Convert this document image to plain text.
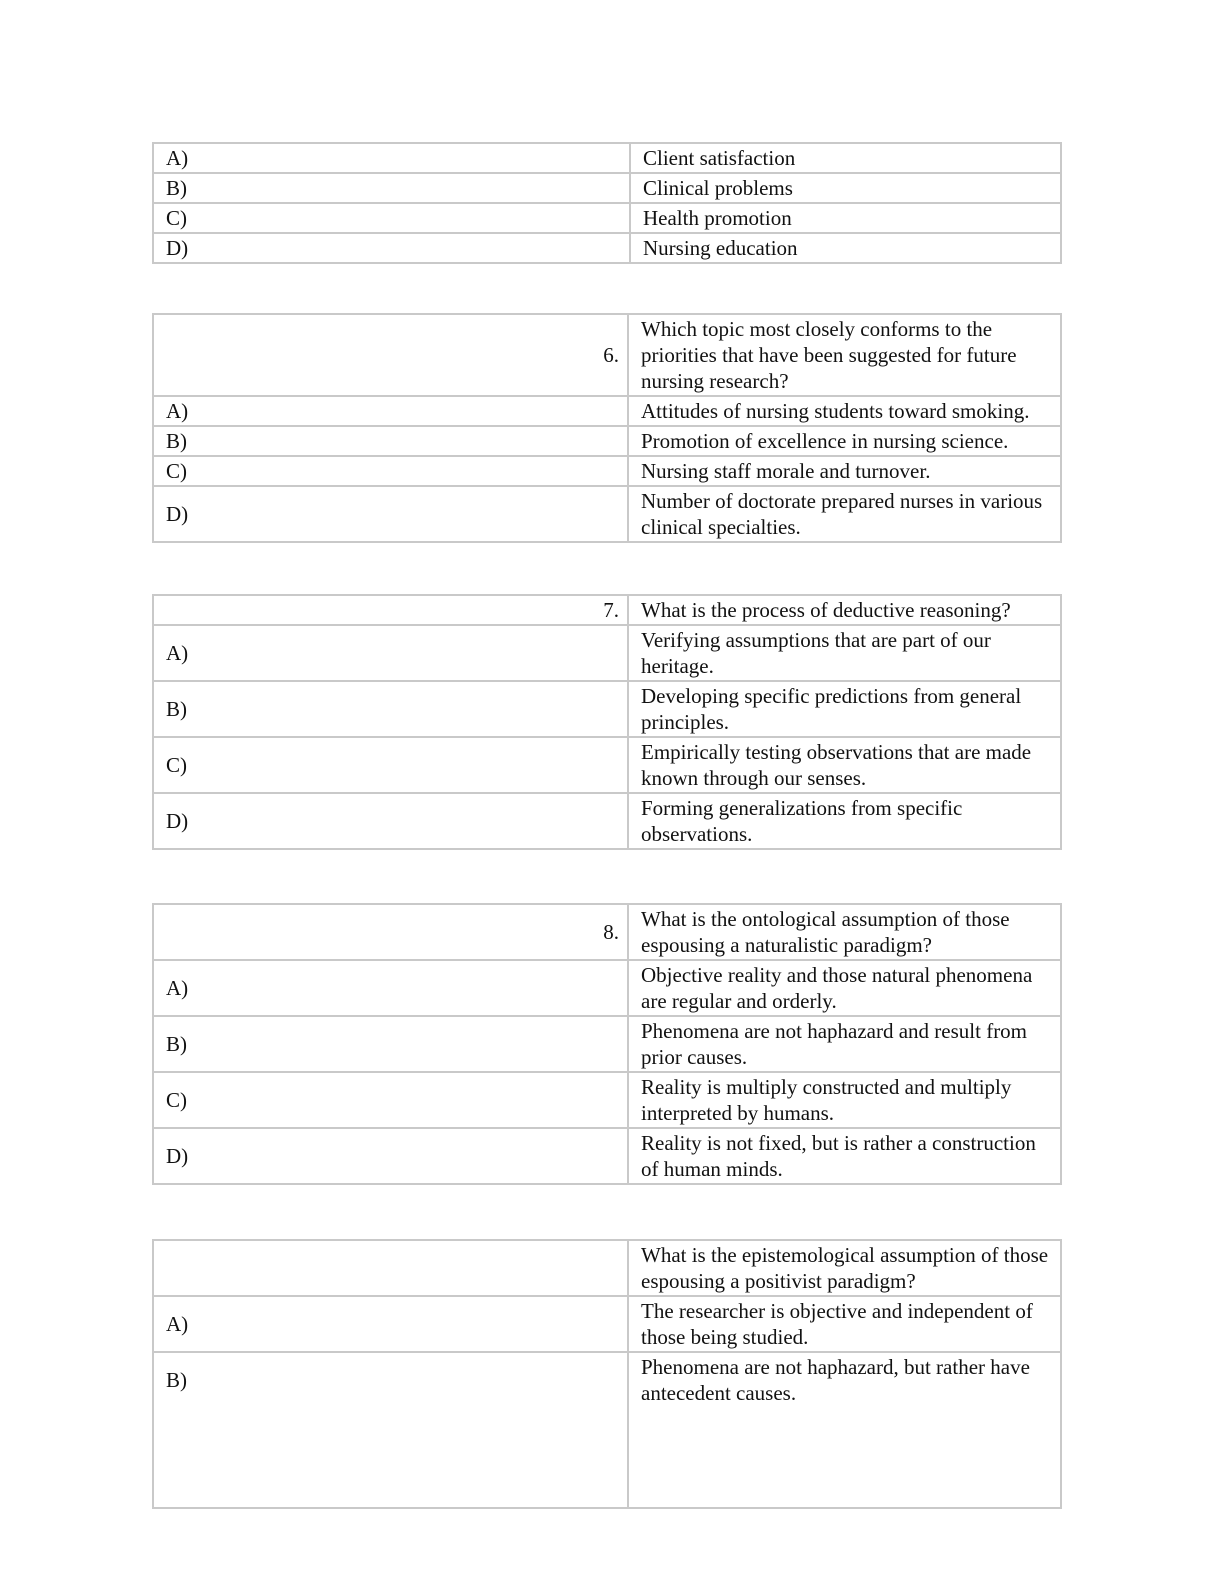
A)	Client satisfaction
B)	Clinical problems
C)	Health promotion
D)	Nursing education
6.	Which topic most closely conforms to the priorities that have been suggested for future nursing research?
A)	Attitudes of nursing students toward smoking.
B)	Promotion of excellence in nursing science.
C)	Nursing staff morale and turnover.
D)	Number of doctorate prepared nurses in various clinical specialties.
7.	What is the process of deductive reasoning?
A)	Verifying assumptions that are part of our heritage.
B)	Developing specific predictions from general principles.
C)	Empirically testing observations that are made known through our senses.
D)	Forming generalizations from specific observations.
8.	What is the ontological assumption of those espousing a naturalistic paradigm?
A)	Objective reality and those natural phenomena are regular and orderly.
B)	Phenomena are not haphazard and result from prior causes.
C)	Reality is multiply constructed and multiply interpreted by humans.
D)	Reality is not fixed, but is rather a construction of human minds.
	What is the epistemological assumption of those espousing a positivist paradigm?
A)	The researcher is objective and independent of those being studied.
B)	Phenomena are not haphazard, but rather have antecedent causes.
